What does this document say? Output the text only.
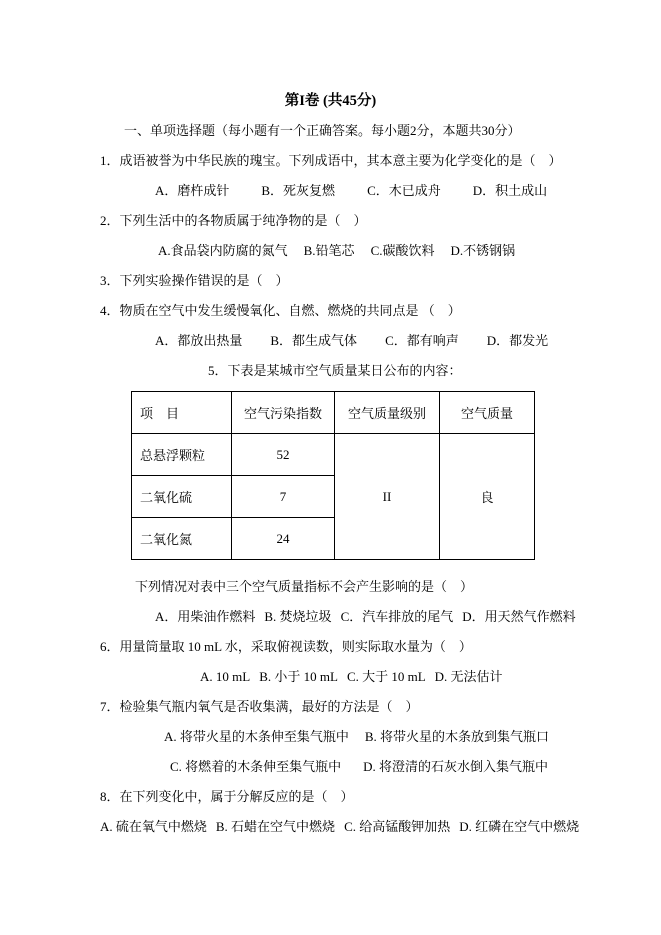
第I卷 (共45分)

一、单项选择题（每小题有一个正确答案。每小题2分，本题共30分）

1．成语被誉为中华民族的瑰宝。下列成语中，其本意主要为化学变化的是（　）

A．磨杵成针 B．死灰复燃 C．木已成舟 D．积土成山

2．下列生活中的各物质属于纯净物的是（　）

A.食品袋内防腐的氮气 B.铅笔芯 C.碳酸饮料 D.不锈钢锅

3．下列实验操作错误的是（　）

4．物质在空气中发生缓慢氧化、自燃、燃烧的共同点是 （　）

A．都放出热量 B．都生成气体 C．都有响声 D．都发光

5．下表是某城市空气质量某日公布的内容：

项　目	空气污染指数	空气质量级别	空气质量
总悬浮颗粒	52	II	良
二氧化硫	7		
二氧化氮	24		

下列情况对表中三个空气质量指标不会产生影响的是（　）

A．用柴油作燃料 B. 焚烧垃圾 C．汽车排放的尾气 D．用天然气作燃料

6．用量筒量取 10 mL 水，采取俯视读数，则实际取水量为（　）

A. 10 mL B. 小于 10 mL C. 大于 10 mL D. 无法估计

7．检验集气瓶内氧气是否收集满，最好的方法是（　）

A. 将带火星的木条伸至集气瓶中 B. 将带火星的木条放到集气瓶口

C. 将燃着的木条伸至集气瓶中 D. 将澄清的石灰水倒入集气瓶中

8．在下列变化中，属于分解反应的是（　）

A. 硫在氧气中燃烧 B. 石蜡在空气中燃烧 C. 给高锰酸钾加热 D. 红磷在空气中燃烧
